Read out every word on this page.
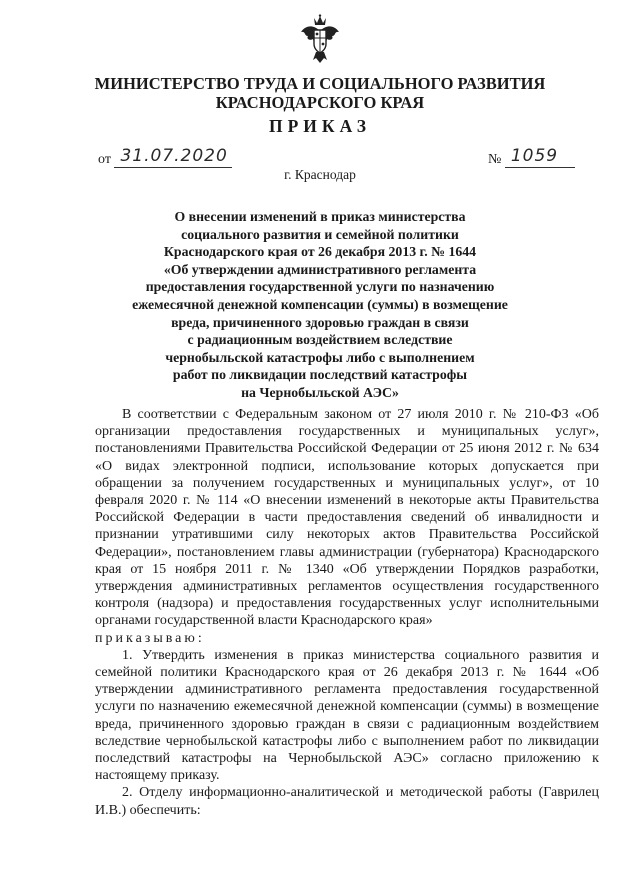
МИНИСТЕРСТВО ТРУДА И СОЦИАЛЬНОГО РАЗВИТИЯ
КРАСНОДАРСКОГО КРАЯ
ПРИКАЗ
от 31.07.2020	№ 1059
г. Краснодар
О внесении изменений в приказ министерства
социального развития и семейной политики
Краснодарского края от 26 декабря 2013 г. № 1644
«Об утверждении административного регламента
предоставления государственной услуги по назначению
ежемесячной денежной компенсации (суммы) в возмещение
вреда, причиненного здоровью граждан в связи
с радиационным воздействием вследствие
чернобыльской катастрофы либо с выполнением
работ по ликвидации последствий катастрофы
на Чернобыльской АЭС»

В соответствии с Федеральным законом от 27 июля 2010 г. № 210-ФЗ «Об организации предоставления государственных и муниципальных услуг», постановлениями Правительства Российской Федерации от 25 июня 2012 г. № 634 «О видах электронной подписи, использование которых допускается при обращении за получением государственных и муниципальных услуг», от 10 февраля 2020 г. № 114 «О внесении изменений в некоторые акты Правительства Российской Федерации в части предоставления сведений об инвалидности и признании утратившими силу некоторых актов Правительства Российской Федерации», постановлением главы администрации (губернатора) Краснодарского края от 15 ноября 2011 г. № 1340 «Об утверждении Порядков разработки, утверждения административных регламентов осуществления государственного контроля (надзора) и предоставления государственных услуг исполнительными органами государственной власти Краснодарского края»

приказываю:

1. Утвердить изменения в приказ министерства социального развития и семейной политики Краснодарского края от 26 декабря 2013 г. № 1644 «Об утверждении административного регламента предоставления государственной услуги по назначению ежемесячной денежной компенсации (суммы) в возмещение вреда, причиненного здоровью граждан в связи с радиационным воздействием вследствие чернобыльской катастрофы либо с выполнением работ по ликвидации последствий катастрофы на Чернобыльской АЭС» согласно приложению к настоящему приказу.

2. Отделу информационно-аналитической и методической работы (Гаврилец И.В.) обеспечить:
